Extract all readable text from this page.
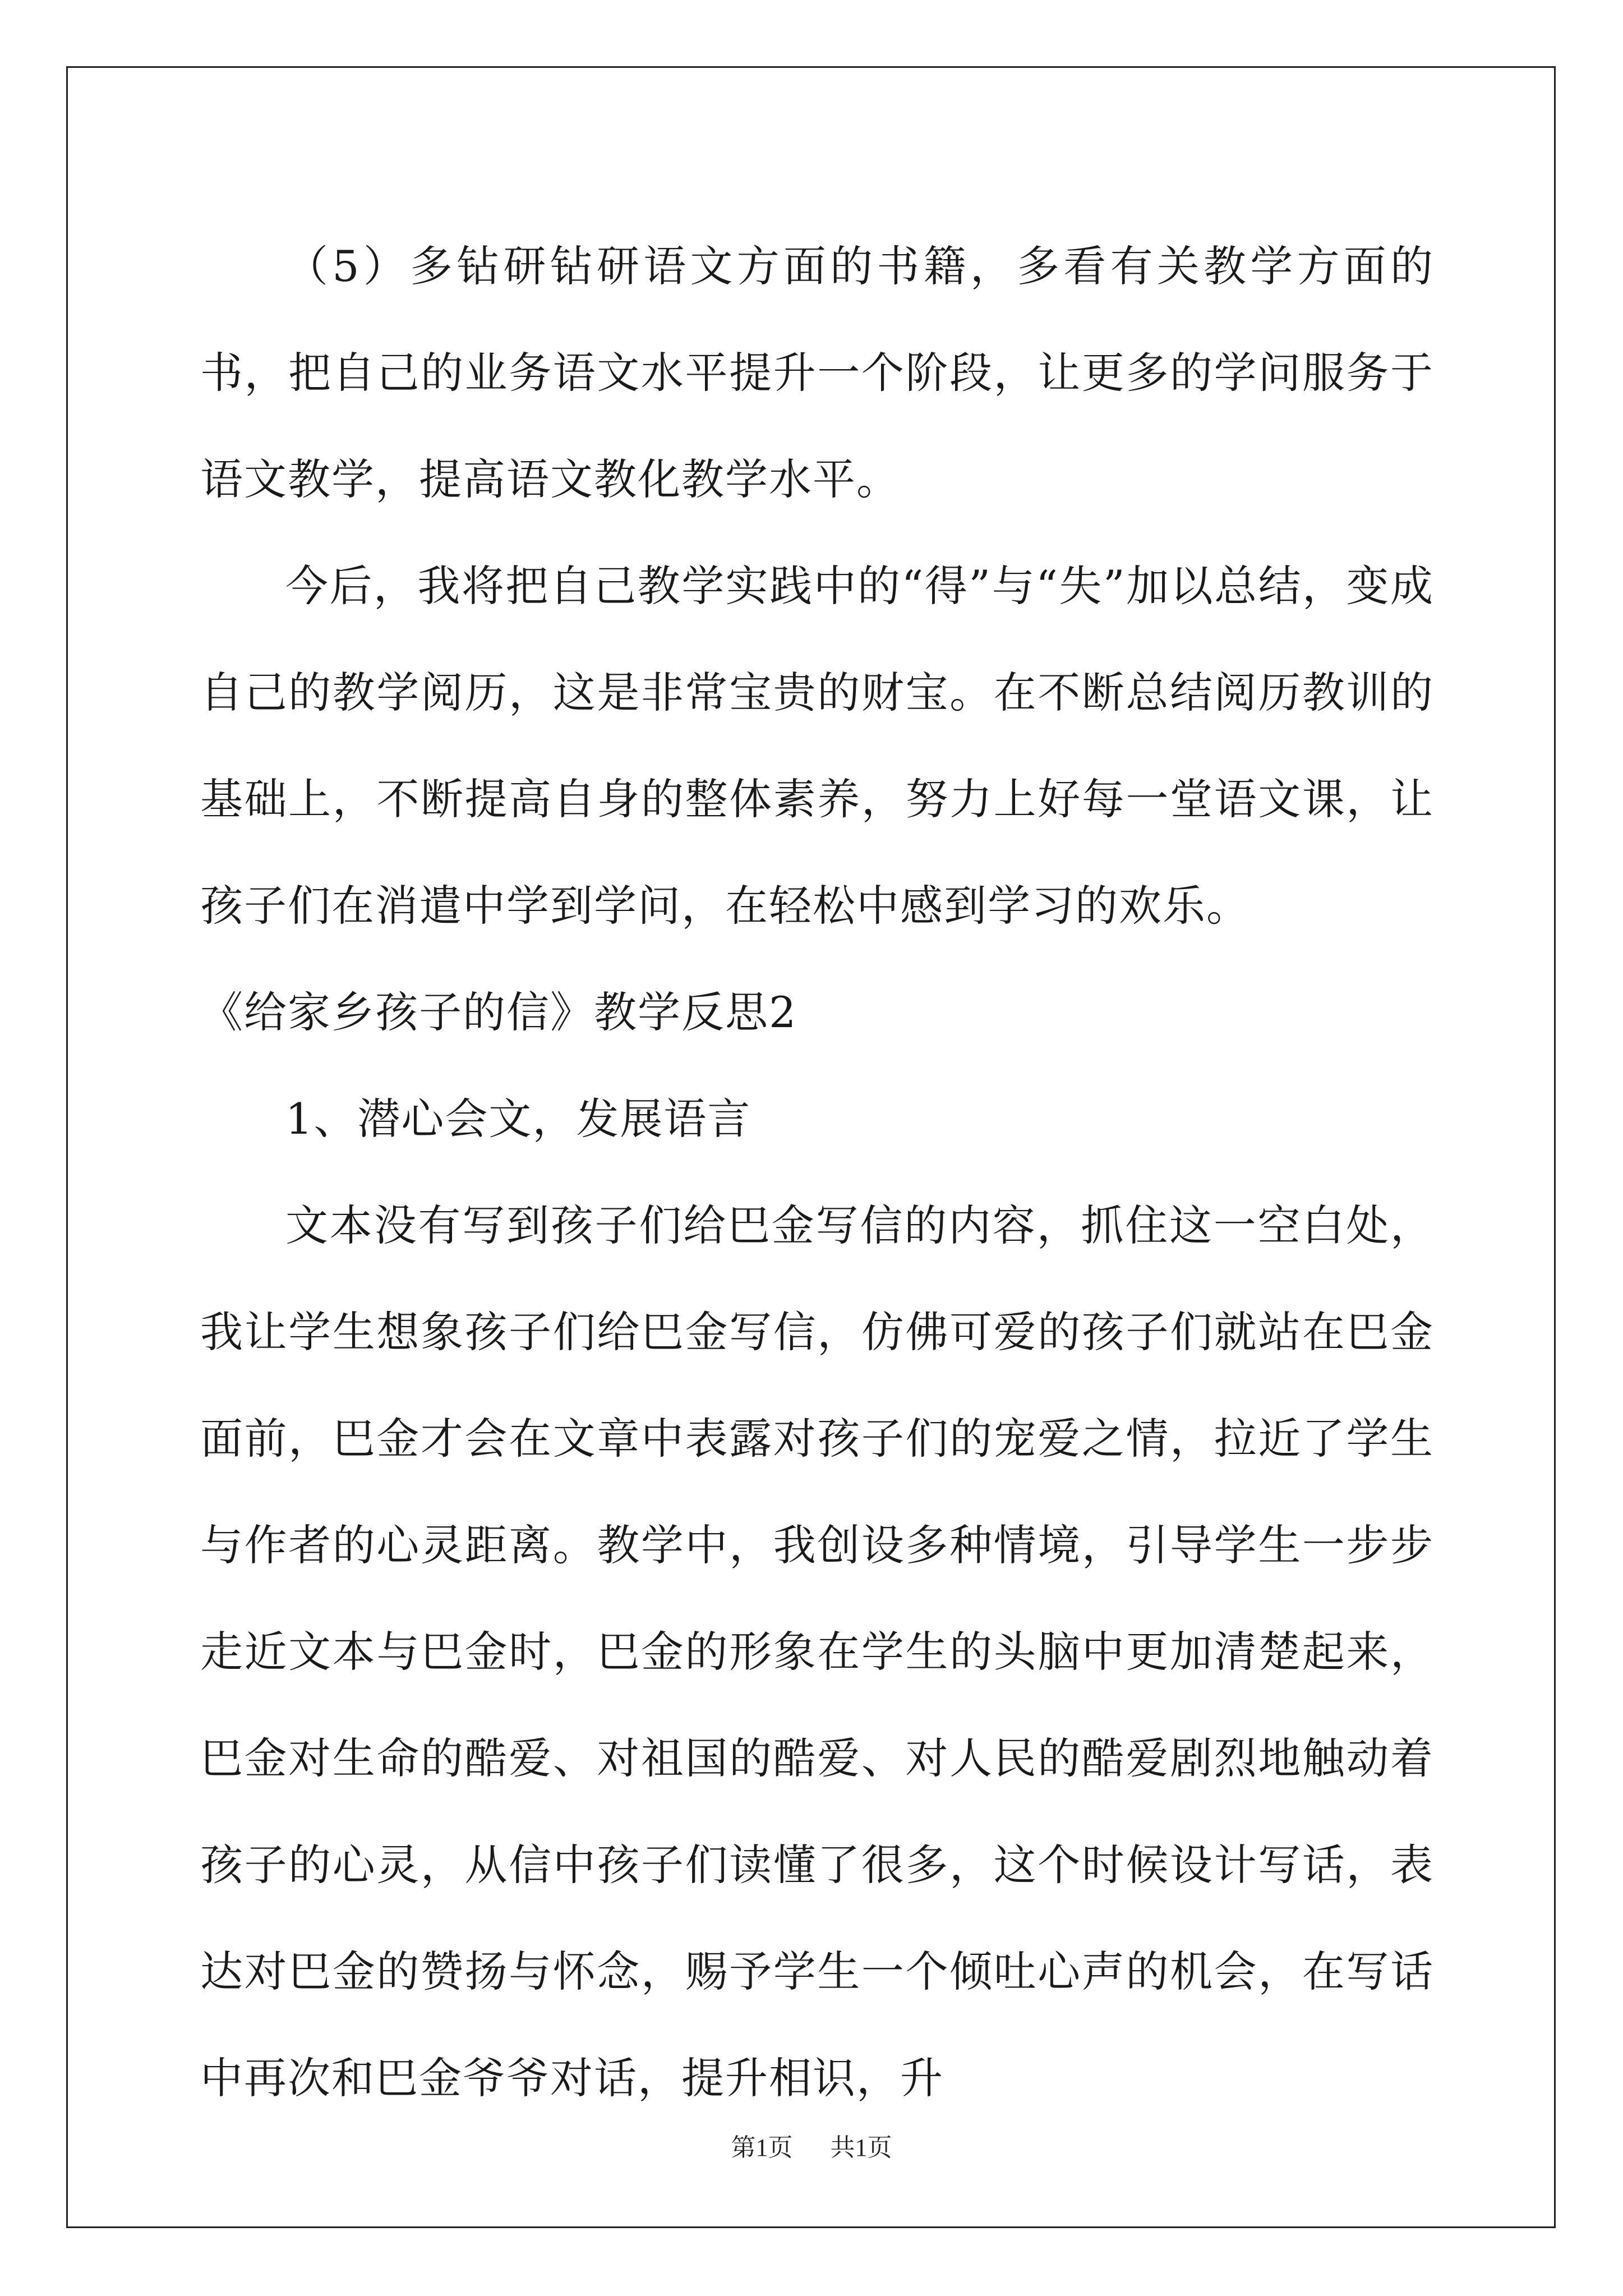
（5）多钻研钻研语文方面的书籍，多看有关教学方面的书，把自己的业务语文水平提升一个阶段，让更多的学问服务于语文教学，提高语文教化教学水平。

今后，我将把自己教学实践中的“得”与“失”加以总结，变成自己的教学阅历，这是非常宝贵的财宝。在不断总结阅历教训的基础上，不断提高自身的整体素养，努力上好每一堂语文课，让孩子们在消遣中学到学问，在轻松中感到学习的欢乐。

《给家乡孩子的信》教学反思2

1、潜心会文，发展语言

文本没有写到孩子们给巴金写信的内容，抓住这一空白处，我让学生想象孩子们给巴金写信，仿佛可爱的孩子们就站在巴金面前，巴金才会在文章中表露对孩子们的宠爱之情，拉近了学生与作者的心灵距离。教学中，我创设多种情境，引导学生一步步走近文本与巴金时，巴金的形象在学生的头脑中更加清楚起来，巴金对生命的酷爱、对祖国的酷爱、对人民的酷爱剧烈地触动着孩子的心灵，从信中孩子们读懂了很多，这个时候设计写话，表达对巴金的赞扬与怀念，赐予学生一个倾吐心声的机会，在写话中再次和巴金爷爷对话，提升相识，升

第1页 共1页
